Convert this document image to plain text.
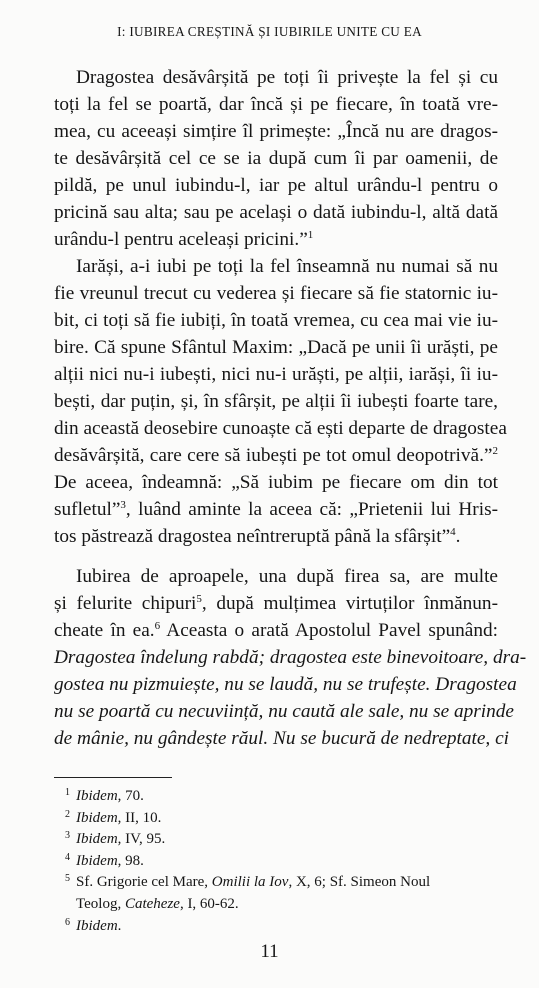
I: IUBIREA CREȘTINĂ ȘI IUBIRILE UNITE CU EA
Dragostea desăvârșită pe toți îi privește la fel și cu
toți la fel se poartă, dar încă și pe fiecare, în toată vre-
mea, cu aceeași simțire îl primește: „Încă nu are dragos-
te desăvârșită cel ce se ia după cum îi par oamenii, de
pildă, pe unul iubindu-l, iar pe altul urându-l pentru o
pricină sau alta; sau pe același o dată iubindu-l, altă dată
urându-l pentru aceleași pricini.”$^1$
Iarăși, a-i iubi pe toți la fel înseamnă nu numai să nu
fie vreunul trecut cu vederea și fiecare să fie statornic iu-
bit, ci toți să fie iubiți, în toată vremea, cu cea mai vie iu-
bire. Că spune Sfântul Maxim: „Dacă pe unii îi urăști, pe
alții nici nu-i iubești, nici nu-i urăști, pe alții, iarăși, îi iu-
bești, dar puțin, și, în sfârșit, pe alții îi iubești foarte tare,
din această deosebire cunoaște că ești departe de dragostea
desăvârșită, care cere să iubești pe tot omul deopotrivă.”$^2$
De aceea, îndeamnă: „Să iubim pe fiecare om din tot
sufletul”$^3$, luând aminte la aceea că: „Prietenii lui Hris-
tos păstrează dragostea neîntreruptă până la sfârșit”$^4$.
Iubirea de aproapele, una după firea sa, are multe
și felurite chipuri$^5$, după mulțimea virtuților înmănun-
cheate în ea.$^6$ Aceasta o arată Apostolul Pavel spunând:
Dragostea îndelung rabdă; dragostea este binevoitoare, dra-
gostea nu pizmuiește, nu se laudă, nu se trufește. Dragostea
nu se poartă cu necuviință, nu caută ale sale, nu se aprinde
de mânie, nu gândește răul. Nu se bucură de nedreptate, ci
1 Ibidem, 70.
2 Ibidem, II, 10.
3 Ibidem, IV, 95.
4 Ibidem, 98.
5 Sf. Grigorie cel Mare, Omilii la Iov, X, 6; Sf. Simeon Noul
Teolog, Cateheze, I, 60-62.
6 Ibidem.
11
